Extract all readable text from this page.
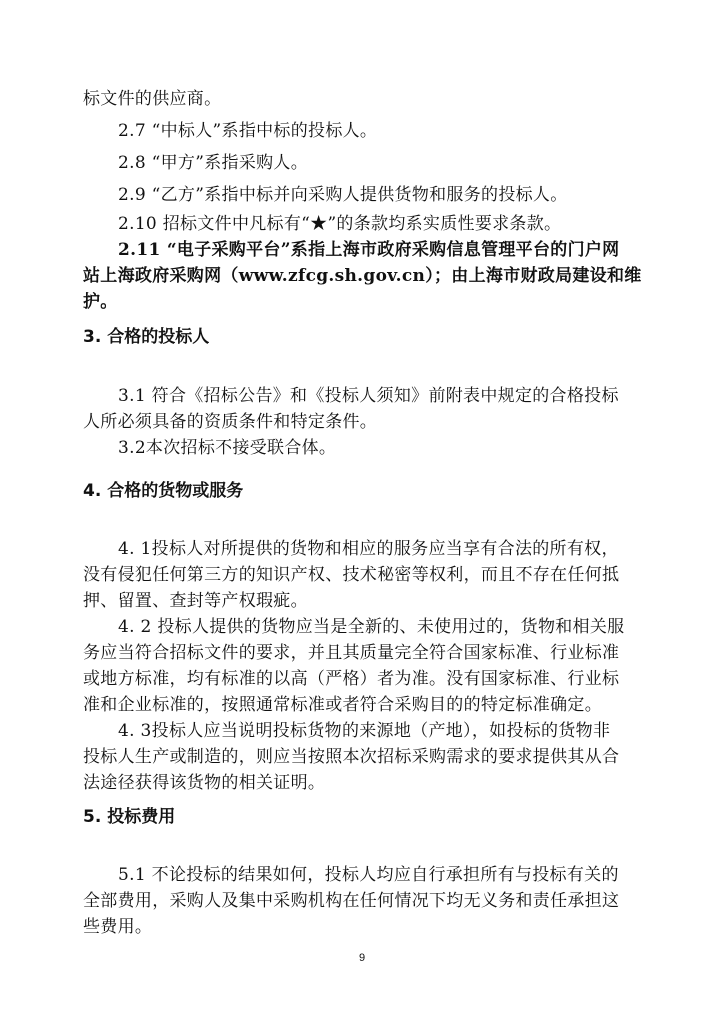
标文件的供应商。
2.7 “中标人”系指中标的投标人。
2.8 “甲方”系指采购人。
2.9 “乙方”系指中标并向采购人提供货物和服务的投标人。
2.10 招标文件中凡标有“★”的条款均系实质性要求条款。
2.11 “电子采购平台”系指上海市政府采购信息管理平台的门户网
站上海政府采购网（www.zfcg.sh.gov.cn）；由上海市财政局建设和维
护。
3. 合格的投标人
3.1 符合《招标公告》和《投标人须知》前附表中规定的合格投标
人所必须具备的资质条件和特定条件。
3.2本次招标不接受联合体。
4. 合格的货物或服务
4. 1投标人对所提供的货物和相应的服务应当享有合法的所有权，
没有侵犯任何第三方的知识产权、技术秘密等权利，而且不存在任何抵
押、留置、查封等产权瑕疵。
4. 2 投标人提供的货物应当是全新的、未使用过的，货物和相关服
务应当符合招标文件的要求，并且其质量完全符合国家标准、行业标准
或地方标准，均有标准的以高（严格）者为准。没有国家标准、行业标
准和企业标准的，按照通常标准或者符合采购目的的特定标准确定。
4. 3投标人应当说明投标货物的来源地（产地），如投标的货物非
投标人生产或制造的，则应当按照本次招标采购需求的要求提供其从合
法途径获得该货物的相关证明。
5. 投标费用
5.1 不论投标的结果如何，投标人均应自行承担所有与投标有关的
全部费用，采购人及集中采购机构在任何情况下均无义务和责任承担这
些费用。
9
